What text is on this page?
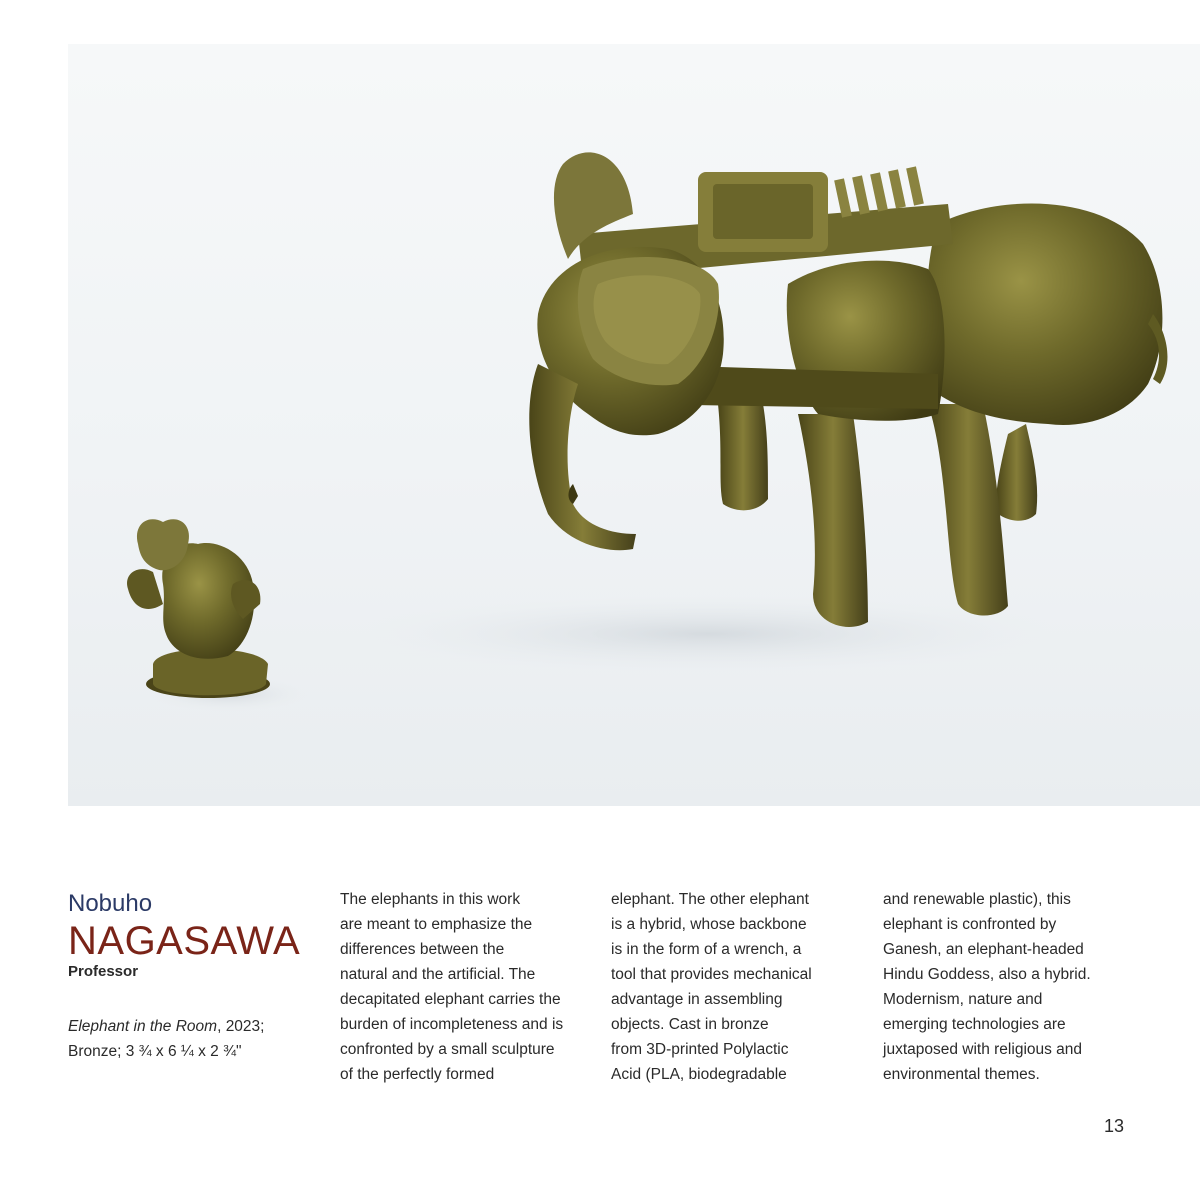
Nobuho
NAGASAWA
Professor
Elephant in the Room, 2023;
Bronze; 3 ¾ x 6 ¼ x 2 ¾"
The elephants in this work
are meant to emphasize the
differences between the
natural and the artificial. The
decapitated elephant carries the
burden of incompleteness and is
confronted by a small sculpture
of the perfectly formed
elephant. The other elephant
is a hybrid, whose backbone
is in the form of a wrench, a
tool that provides mechanical
advantage in assembling
objects. Cast in bronze
from 3D-printed Polylactic
Acid (PLA, biodegradable
and renewable plastic), this
elephant is confronted by
Ganesh, an elephant-headed
Hindu Goddess, also a hybrid.
Modernism, nature and
emerging technologies are
juxtaposed with religious and
environmental themes.
13
